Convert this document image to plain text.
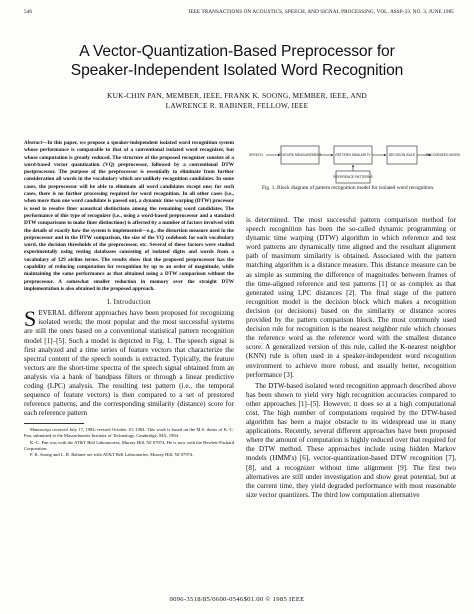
546	IEEE TRANSACTIONS ON ACOUSTICS, SPEECH, AND SIGNAL PROCESSING, VOL. ASSP-33, NO. 3, JUNE 1985
A Vector-Quantization-Based Preprocessor for
Speaker-Independent Isolated Word Recognition
KUK-CHIN PAN, MEMBER, IEEE, FRANK K. SOONG, MEMBER, IEEE, AND
LAWRENCE R. RABINER, FELLOW, IEEE

Abstract—In this paper, we propose a speaker-independent isolated word recognition system whose performance is comparable to that of a conventional isolated word recognizer, but whose computation is greatly reduced. The structure of the proposed recognizer consists of a word-based vector quantization (VQ) preprocessor, followed by a conventional DTW postprocessor. The purpose of the preprocessor is essentially to eliminate from further consideration all words in the vocabulary which are unlikely recognition candidates. In some cases, the preprocessor will be able to eliminate all word candidates except one; for such cases, there is no further processing required for word recognition. In all other cases (i.e., when more than one word candidate is passed on), a dynamic time warping (DTW) processor is used to resolve finer acoustical distinctions among the remaining word candidates. The performance of this type of recognizer (i.e., using a word-based preprocessor and a standard DTW comparisons to make finer distinctions) is affected by a number of factors involved with the details of exactly how the system is implemented—e.g., the distortion measure used in the preprocessor and in the DTW comparison, the size of the VQ codebook for each vocabulary word, the decision thresholds of the preprocessor, etc. Several of these factors were studied experimentally using testing databases consisting of isolated digits and words from a vocabulary of 129 airline terms. The results show that the proposed preprocessor has the capability of reducing computation for recognition by up to an order of magnitude, while maintaining the same performance as that obtained using a DTW comparison without the preprocessor. A somewhat smaller reduction in memory over the straight DTW implementation is also obtained in the proposed approach.

I. Introduction

SEVERAL different approaches have been proposed for recognizing isolated words; the most popular and the most successful systems are still the ones based on a conventional statistical pattern recognition model [1]–[5]. Such a model is depicted in Fig. 1. The speech signal is first analyzed and a time series of feature vectors that characterize the spectral content of the speech sounds is extracted. Typically, the feature vectors are the short-time spectra of the speech signal obtained from an analysis via a bank of bandpass filters or through a linear predictive coding (LPC) analysis. The resulting test pattern (i.e., the temporal sequence of feature vectors) is then compared to a set of prestored reference patterns, and the corresponding similarity (distance) score for each reference pattern

Manuscript received July 17, 1984; revised October 10, 1984. This work is based on the M.S. thesis of K.-C. Pan, submitted to the Massachusetts Institute of Technology, Cambridge, MA, 1984.

K.-C. Pan was with the AT&T Bell Laboratories, Murray Hill, NJ 07974. He is now with the Hewlett-Packard Corporation.

F. K. Soong and L. R. Rabiner are with AT&T Bell Laboratories, Murray Hill, NJ 07974.

SPEECH	FEATURE MEASUREMENT	PATTERN SIMILARITY	DECISION RULE	RECOGNIZED WORD
REFERENCE PATTERNS
Fig. 1. Block diagram of pattern recognition model for isolated word recognition.

is determined. The most successful pattern comparison method for speech recognition has been the so-called dynamic programming or dynamic time warping (DTW) algorithm in which reference and test word patterns are dynamically time aligned and the resultant alignment path of maximum similarity is obtained. Associated with the pattern matching algorithm is a distance measure. This distance measure can be as simple as summing the difference of magnitudes between frames of the time-aligned reference and test patterns [1] or as complex as that generated using LPC distances [2]. The final stage of the pattern recognition model is the decision block which makes a recognition decision (or decisions) based on the similarity or distance scores provided by the pattern comparison block. The most commonly used decision rule for recognition is the nearest neighbor rule which chooses the reference word as the reference word with the smallest distance score. A generalized version of this rule, called the K-nearest neighbor (KNN) rule is often used in a speaker-independent word recognition environment to achieve more robust, and usually better, recognition performance [3].

The DTW-based isolated word recognition approach described above has been shown to yield very high recognition accuracies compared to other approaches [1]–[5]. However, it does so at a high computational cost. The high number of computations required by the DTW-based algorithm has been a major obstacle to its widespread use in many applications. Recently, several different approaches have been proposed where the amount of computation is highly reduced over that required for the DTW method. These approaches include using hidden Markov models (HMM's) [6], vector-quantization-based DTW recognition [7], [8], and a recognizer without time alignment [9]. The first two alternatives are still under investigation and show great potential, but at the current time, they yield degraded performance with most reasonable size vector quantizers. The third low computation alternative

0096-3518/85/0600-0546$01.00 © 1985 IEEE
